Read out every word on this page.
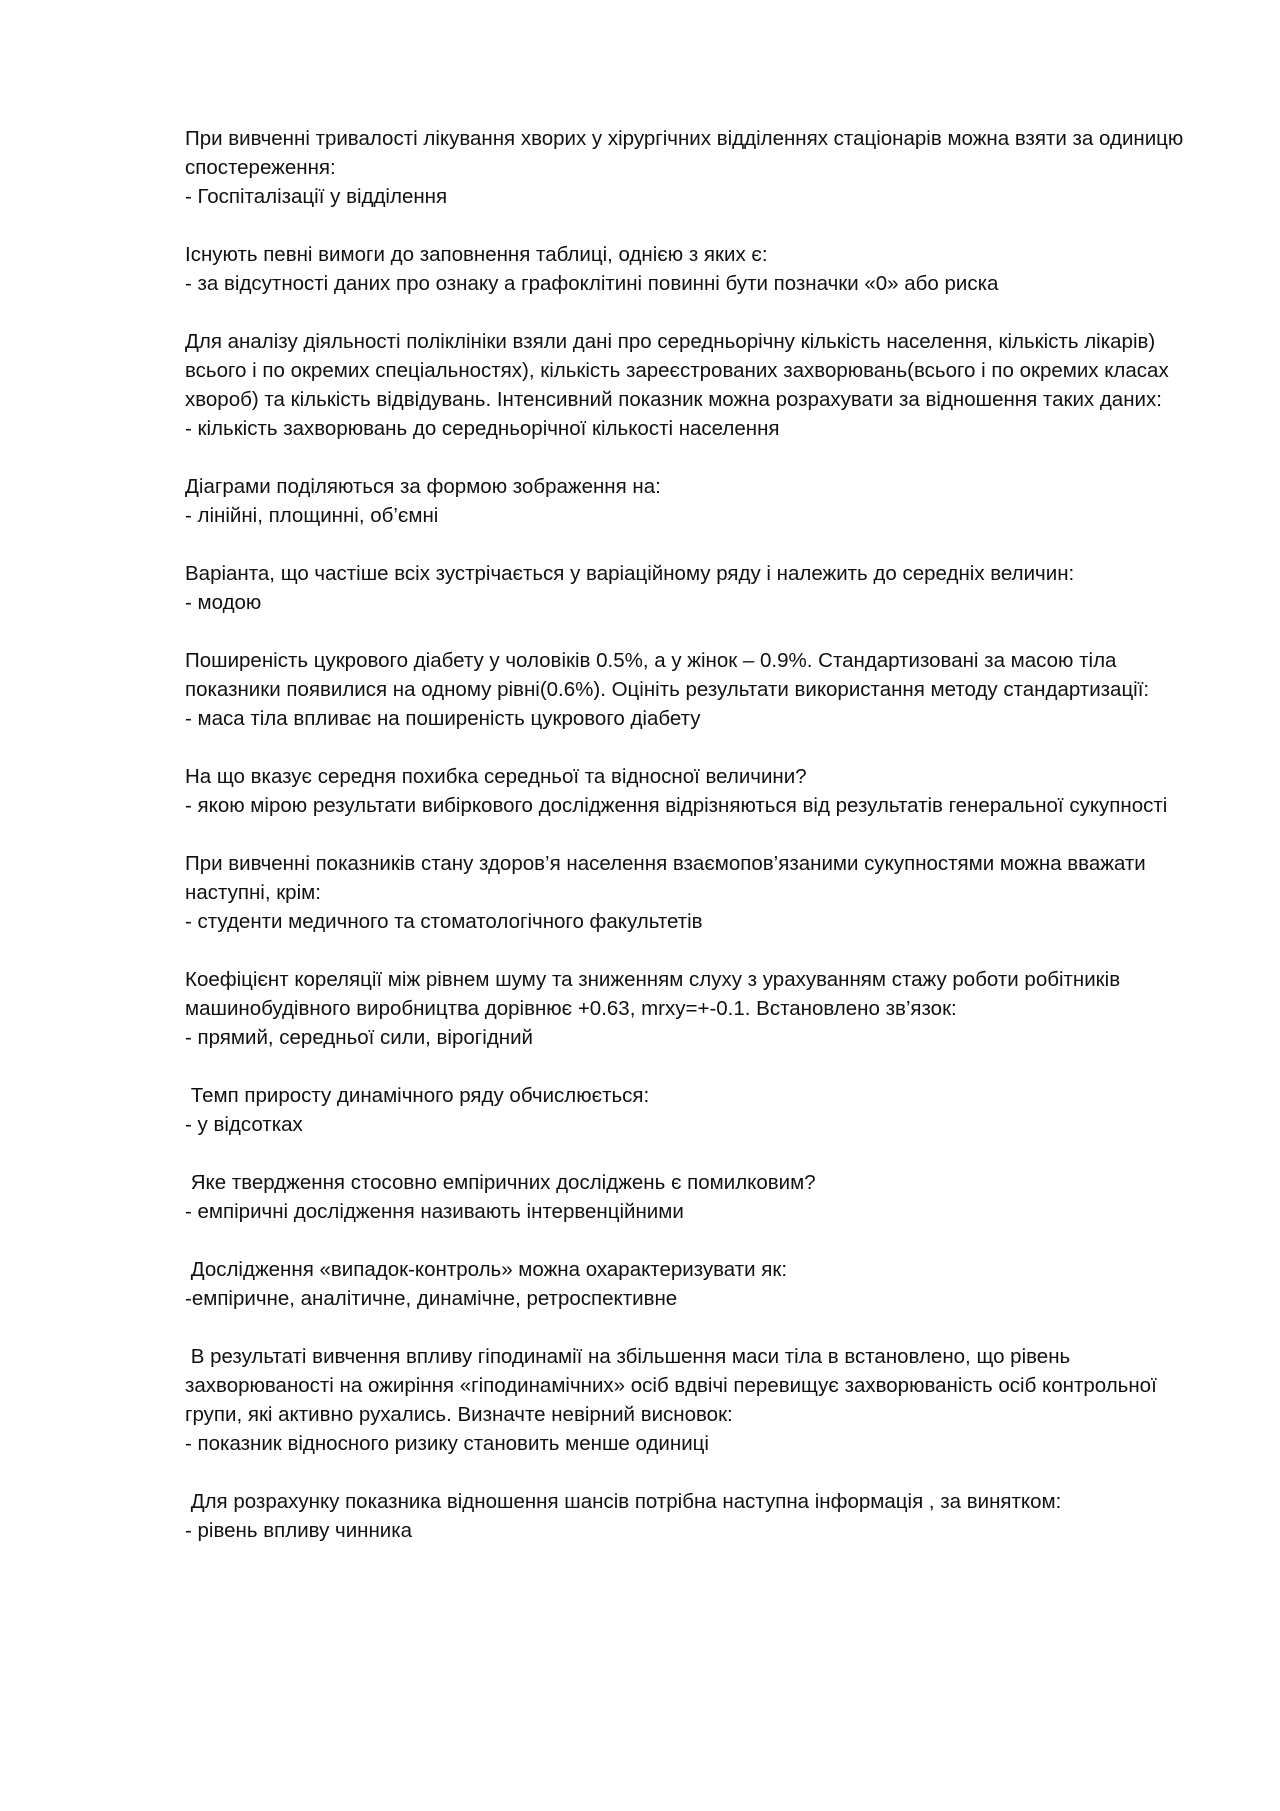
При вивченні тривалості лікування хворих у хірургічних відділеннях стаціонарів можна взяти за одиницю спостереження:
- Госпіталізації у відділення
Існують певні вимоги до заповнення таблиці, однією з яких є:
- за відсутності даних про ознаку а графоклітині повинні бути позначки «0» або риска
Для аналізу діяльності поліклініки взяли дані про середньорічну кількість населення, кількість лікарів) всього і по окремих спеціальностях), кількість зареєстрованих захворювань(всього і по окремих класах хвороб) та кількість відвідувань. Інтенсивний показник можна розрахувати за відношення таких даних:
- кількість захворювань до середньорічної кількості населення
Діаграми поділяються за формою зображення на:
- лінійні, площинні, об’ємні
Варіанта, що частіше всіх зустрічається у варіаційному ряду і належить до середніх величин:
- модою
Поширеність цукрового діабету у чоловіків 0.5%, а у жінок – 0.9%. Стандартизовані за масою тіла показники появилися на одному рівні(0.6%). Оцініть результати використання методу стандартизації:
- маса тіла впливає на поширеність цукрового діабету
На що вказує середня похибка середньої та відносної величини?
- якою мірою результати вибіркового дослідження відрізняються від результатів генеральної сукупності
При вивченні показників стану здоров’я населення взаємопов’язаними сукупностями можна вважати наступні, крім:
- студенти медичного та стоматологічного факультетів
Коефіцієнт кореляції між рівнем шуму та зниженням слуху з урахуванням стажу роботи робітників машинобудівного виробництва дорівнює +0.63, mrxy=+-0.1. Встановлено зв’язок:
- прямий, середньої сили, вірогідний
Темп приросту динамічного ряду обчислюється:
- у відсотках
Яке твердження стосовно емпіричних досліджень є помилковим?
- емпіричні дослідження називають інтервенційними
Дослідження «випадок-контроль» можна охарактеризувати як:
-емпіричне, аналітичне, динамічне, ретроспективне
В результаті вивчення впливу гіподинамії на збільшення маси тіла в встановлено, що рівень захворюваності на ожиріння «гіподинамічних» осіб вдвічі перевищує захворюваність осіб контрольної групи, які активно рухались. Визначте невірний висновок:
- показник відносного ризику становить менше одиниці
Для розрахунку показника відношення шансів потрібна наступна інформація , за винятком:
- рівень впливу чинника
